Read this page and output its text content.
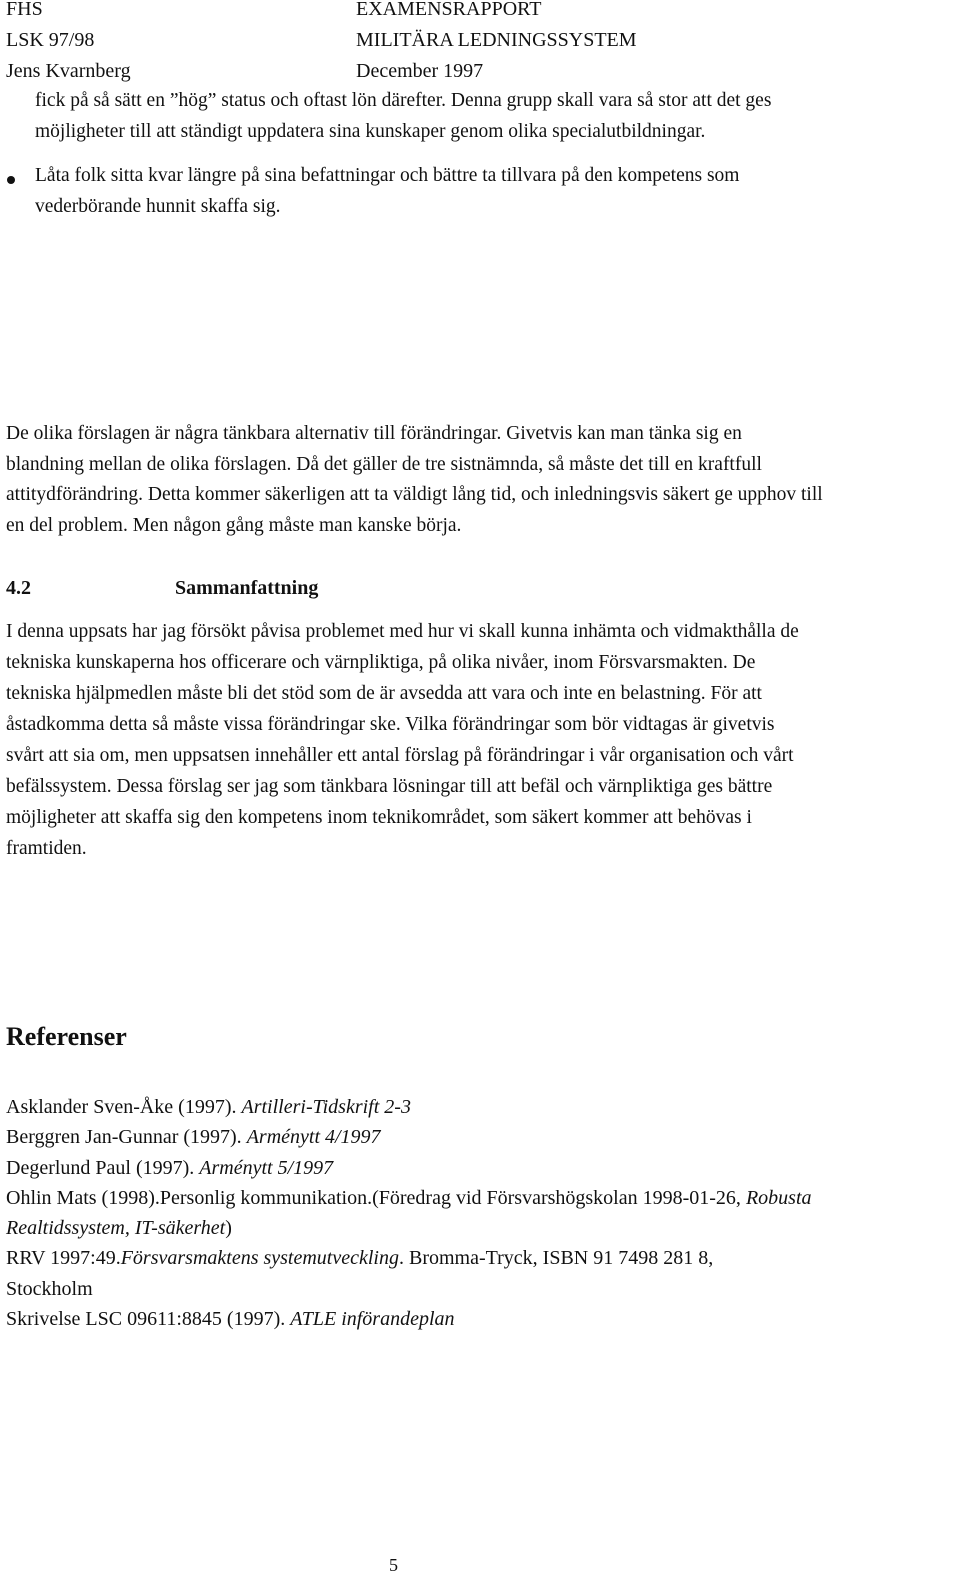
FHS
LSK 97/98
Jens Kvarnberg
EXAMENSRAPPORT
MILITÄRA LEDNINGSSYSTEM
December 1997
fick på så sätt en ”hög” status och oftast lön därefter. Denna grupp skall vara så stor att det ges
möjligheter till att ständigt uppdatera sina kunskaper genom olika specialutbildningar.
Låta folk sitta kvar längre på sina befattningar och bättre ta tillvara på den kompetens som
vederbörande hunnit skaffa sig.
De olika förslagen är några tänkbara alternativ till förändringar. Givetvis kan man tänka sig en
blandning mellan de olika förslagen. Då det gäller de tre sistnämnda, så måste det till en kraftfull
attitydförändring. Detta kommer säkerligen att ta väldigt lång tid, och inledningsvis säkert ge upphov till
en del problem. Men någon gång måste man kanske börja.
4.2	Sammanfattning
I denna uppsats har jag försökt påvisa problemet med hur vi skall kunna inhämta och vidmakthålla de
tekniska kunskaperna hos officerare och värnpliktiga, på olika nivåer, inom Försvarsmakten. De
tekniska hjälpmedlen måste bli det stöd som de är avsedda att vara och inte en belastning. För att
åstadkomma detta så måste vissa förändringar ske. Vilka förändringar som bör vidtagas är givetvis
svårt att sia om, men uppsatsen innehåller ett antal förslag på förändringar i vår organisation och vårt
befälssystem. Dessa förslag ser jag som tänkbara lösningar till att befäl och värnpliktiga ges bättre
möjligheter att skaffa sig den kompetens inom teknikområdet, som säkert kommer att behövas i
framtiden.
Referenser
Asklander Sven-Åke (1997). Artilleri-Tidskrift 2-3
Berggren Jan-Gunnar (1997). Arménytt 4/1997
Degerlund Paul (1997). Arménytt 5/1997
Ohlin Mats (1998).Personlig kommunikation.(Föredrag vid Försvarshögskolan 1998-01-26, Robusta
Realtidssystem, IT-säkerhet)
RRV 1997:49.Försvarsmaktens systemutveckling. Bromma-Tryck, ISBN 91 7498 281 8,
Stockholm
Skrivelse LSC 09611:8845 (1997). ATLE införandeplan
5
